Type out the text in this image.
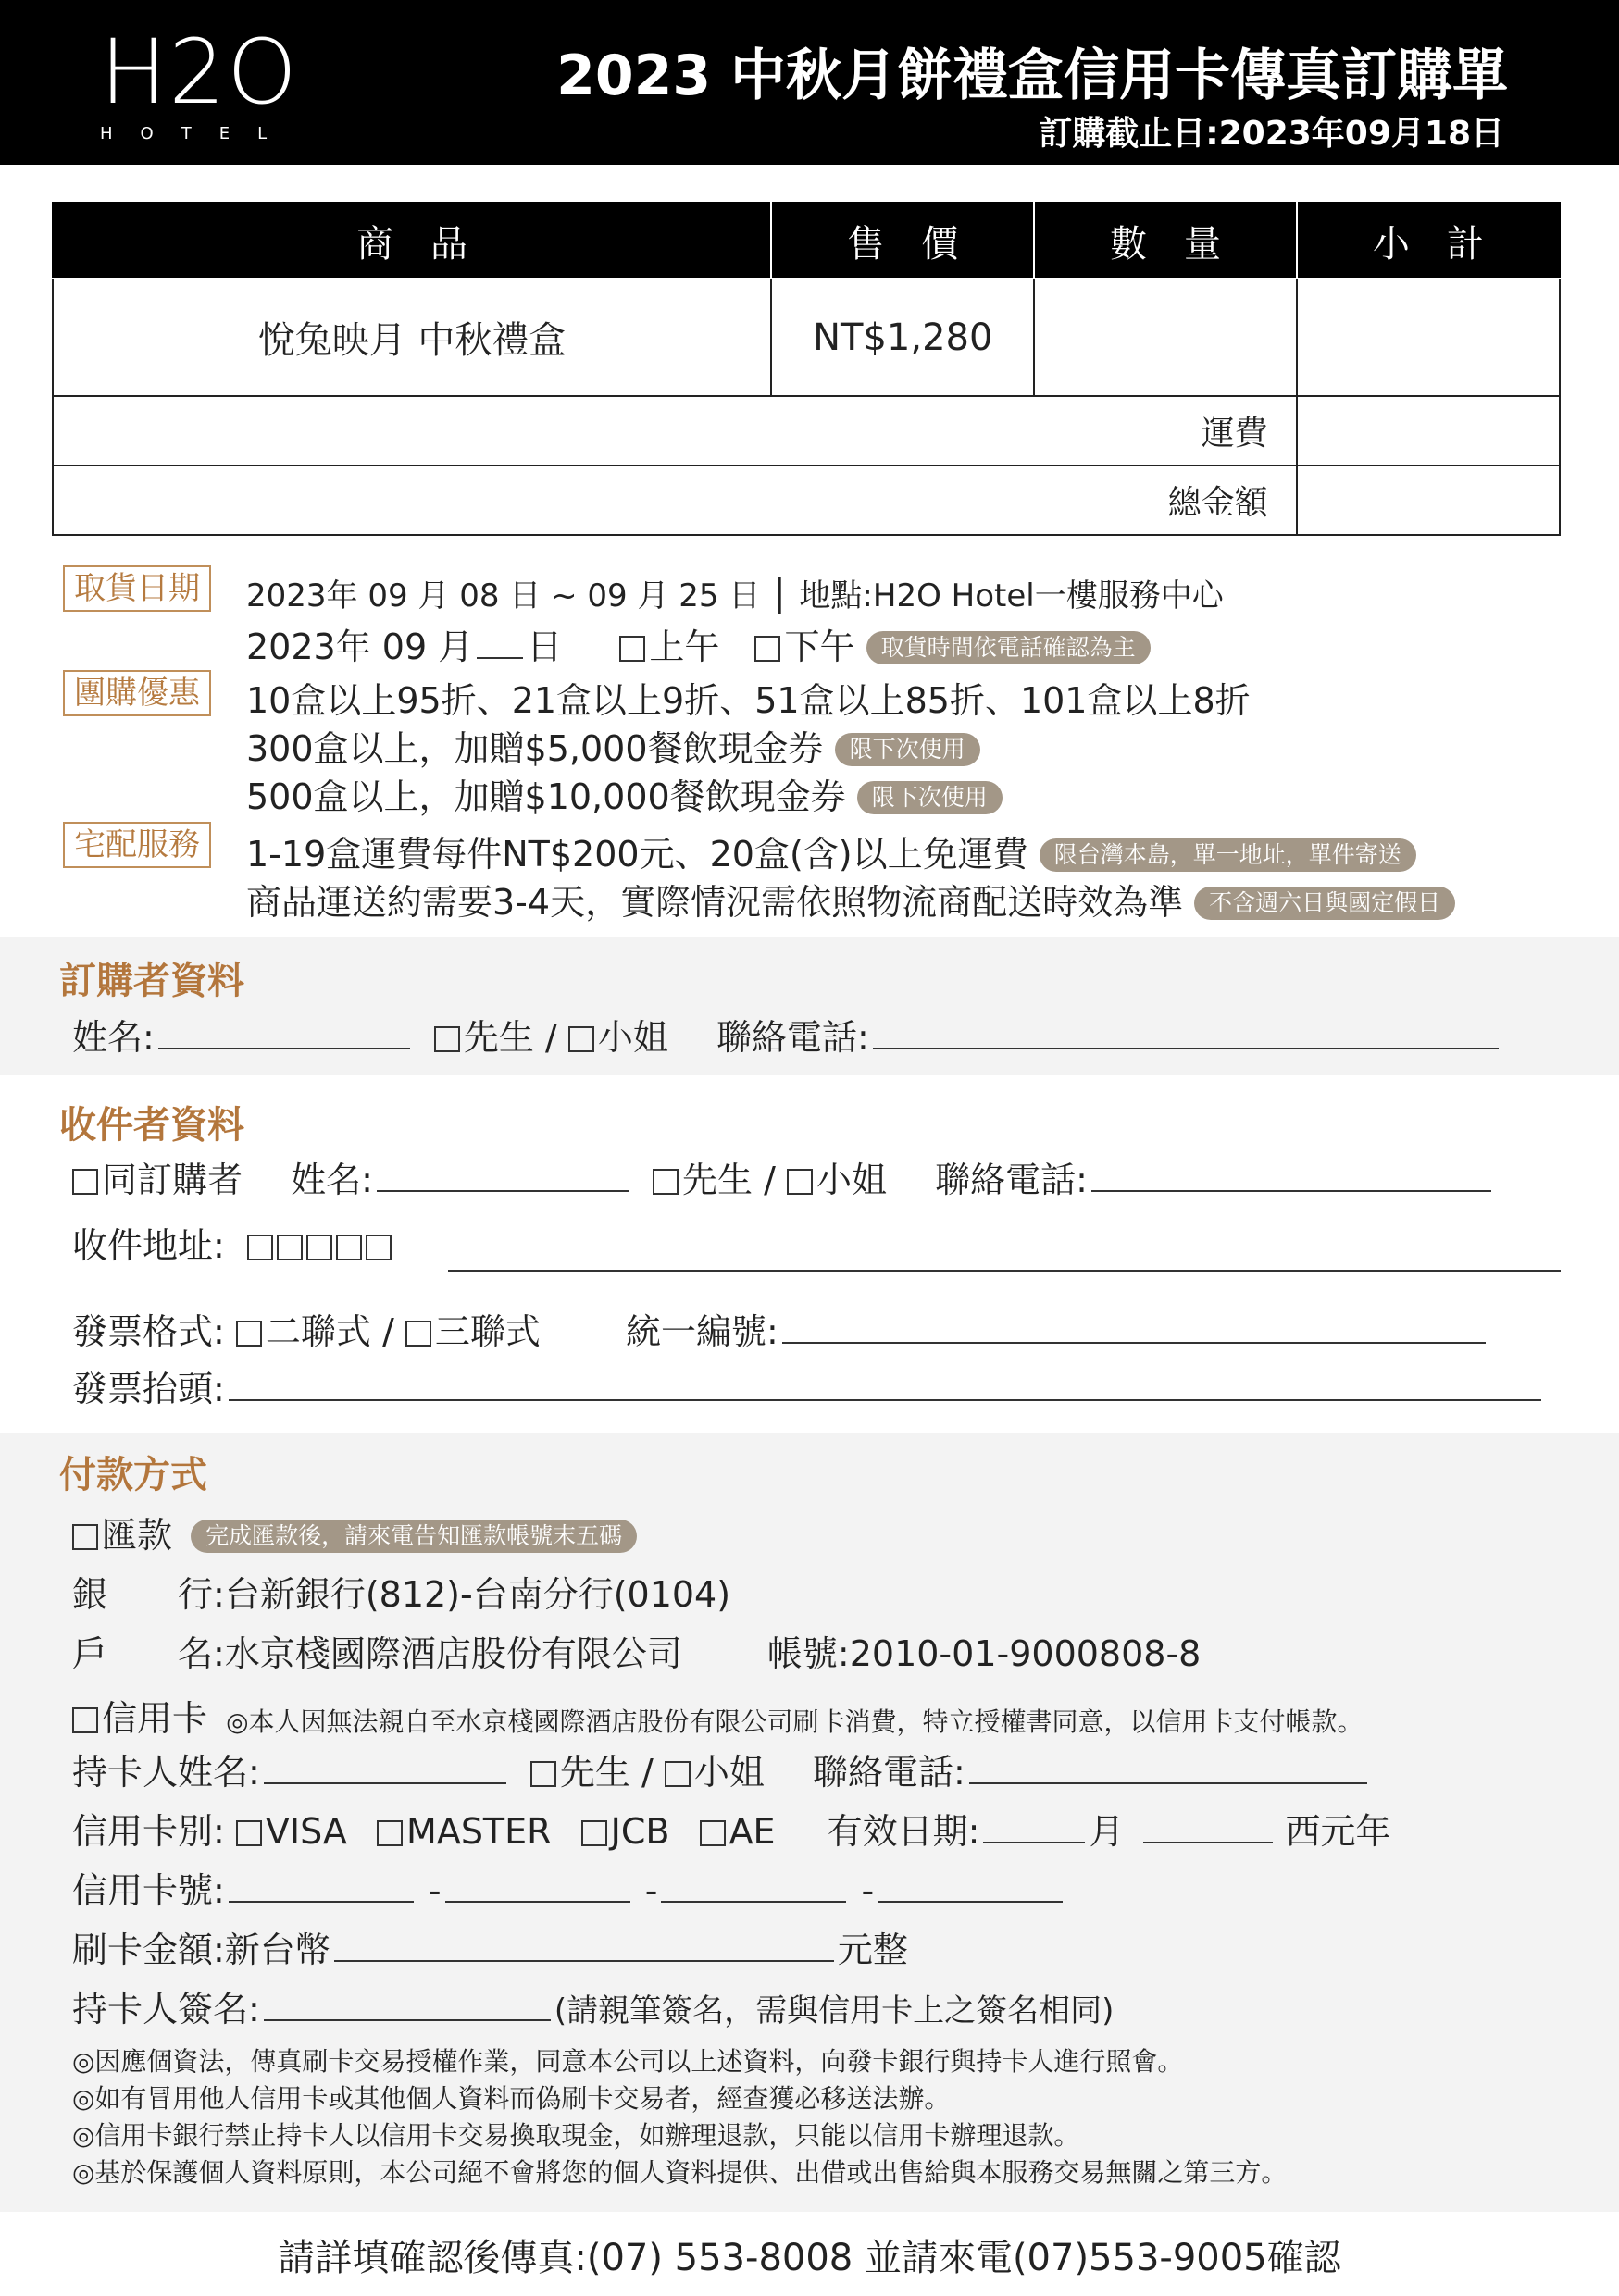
H2O
HOTEL
2023 中秋月餅禮盒信用卡傳真訂購單
訂購截止日:2023年09月18日
商　品	售　價	數　量	小　計
悅兔映月 中秋禮盒	NT$1,280		
運費			
總金額			
取貨日期	2023年 09 月 08 日 ~ 09 月 25 日 │ 地點:H2O Hotel一樓服務中心
2023年 09 月 日 上午 下午 取貨時間依電話確認為主
團購優惠	10盒以上95折、21盒以上9折、51盒以上85折、101盒以上8折
300盒以上，加贈$5,000餐飲現金券 限下次使用
500盒以上，加贈$10,000餐飲現金券 限下次使用
宅配服務	1-19盒運費每件NT$200元、20盒(含)以上免運費 限台灣本島，單一地址，單件寄送
商品運送約需要3-4天，實際情況需依照物流商配送時效為準 不含週六日與國定假日
訂購者資料
姓名:	先生 / 小姐 聯絡電話:
收件者資料
同訂購者 姓名:	先生 / 小姐 聯絡電話:
收件地址:
發票格式: 二聯式 / 三聯式 統一編號:
發票抬頭:
付款方式
匯款 完成匯款後，請來電告知匯款帳號末五碼
銀　　行:台新銀行(812)-台南分行(0104)
戶　　名:水京棧國際酒店股份有限公司 帳號:2010-01-9000808-8
信用卡 ◎本人因無法親自至水京棧國際酒店股份有限公司刷卡消費，特立授權書同意，以信用卡支付帳款。
持卡人姓名:	先生 / 小姐 聯絡電話:
信用卡別: VISA MASTER JCB AE 有效日期:	月	西元年
信用卡號:	-	-	-
刷卡金額:新台幣	元整
持卡人簽名:	(請親筆簽名，需與信用卡上之簽名相同)
◎因應個資法，傳真刷卡交易授權作業，同意本公司以上述資料，向發卡銀行與持卡人進行照會。
◎如有冒用他人信用卡或其他個人資料而偽刷卡交易者，經查獲必移送法辦。
◎信用卡銀行禁止持卡人以信用卡交易換取現金，如辦理退款，只能以信用卡辦理退款。
◎基於保護個人資料原則，本公司絕不會將您的個人資料提供、出借或出售給與本服務交易無關之第三方。
請詳填確認後傳真:(07) 553-8008 並請來電(07)553-9005確認
